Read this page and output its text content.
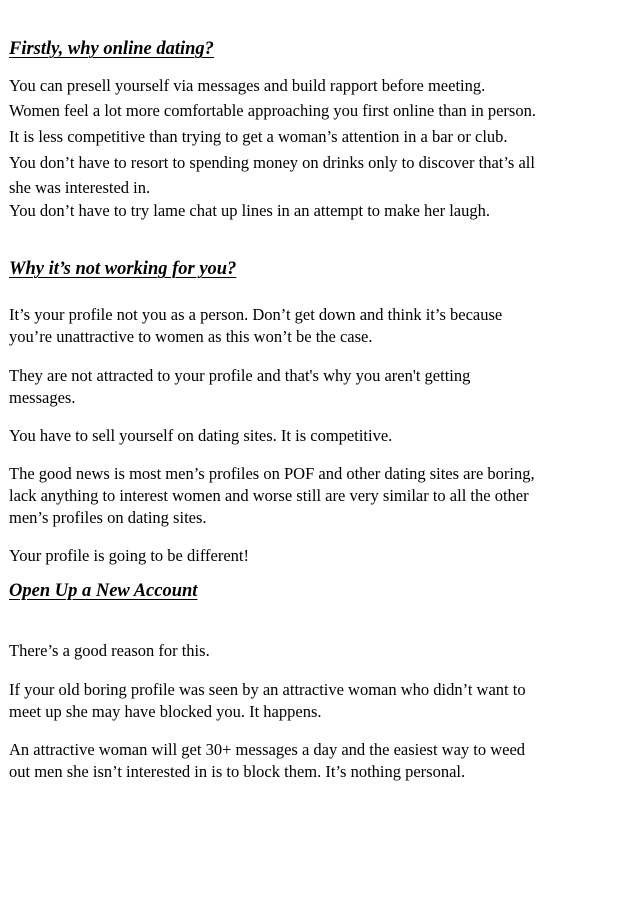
Firstly, why online dating?

You can presell yourself via messages and build rapport before meeting.

Women feel a lot more comfortable approaching you first online than in person.

It is less competitive than trying to get a woman’s attention in a bar or club.

You don’t have to resort to spending money on drinks only to discover that’s all

she was interested in.

You don’t have to try lame chat up lines in an attempt to make her laugh.

Why it’s not working for you?

It’s your profile not you as a person. Don’t get down and think it’s because

you’re unattractive to women as this won’t be the case.

They are not attracted to your profile and that's why you aren't getting

messages.

You have to sell yourself on dating sites. It is competitive.

The good news is most men’s profiles on POF and other dating sites are boring,

lack anything to interest women and worse still are very similar to all the other

men’s profiles on dating sites.

Your profile is going to be different!

Open Up a New Account

There’s a good reason for this.

If your old boring profile was seen by an attractive woman who didn’t want to

meet up she may have blocked you. It happens.

An attractive woman will get 30+ messages a day and the easiest way to weed

out men she isn’t interested in is to block them. It’s nothing personal.
